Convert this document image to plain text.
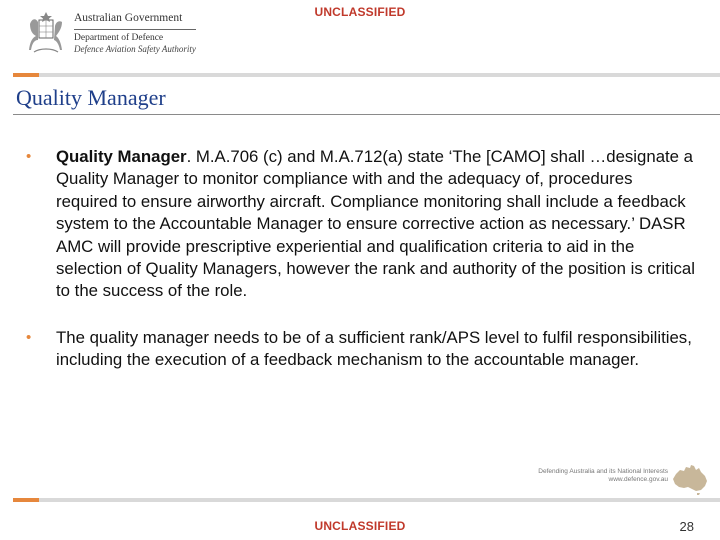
UNCLASSIFIED
Australian Government
Department of Defence
Defence Aviation Safety Authority
Quality Manager
• Quality Manager. M.A.706 (c) and M.A.712(a) state ‘The [CAMO] shall …designate a Quality Manager to monitor compliance with and the adequacy of, procedures required to ensure airworthy aircraft. Compliance monitoring shall include a feedback system to the Accountable Manager to ensure corrective action as necessary.’ DASR AMC will provide prescriptive experiential and qualification criteria to aid in the selection of Quality Managers, however the rank and authority of the position is critical to the success of the role.
• The quality manager needs to be of a sufficient rank/APS level to fulfil responsibilities, including the execution of a feedback mechanism to the accountable manager.
Defending Australia and its National Interests
www.defence.gov.au
UNCLASSIFIED	28
